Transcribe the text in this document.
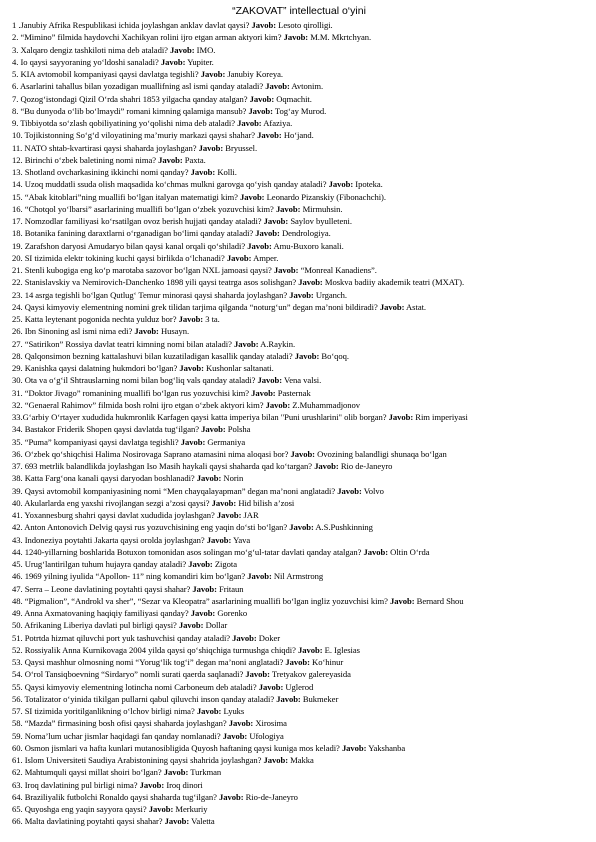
“ZAKOVAT” intellectual o‘yini
1 .Janubiy Afrika Respublikasi ichida joylashgan anklav davlat qaysi? Javob: Lesoto qirolligi.
2. “Mimino” filmida haydovchi Xachikyan rolini ijro etgan arman aktyori kim? Javob: M.M. Mkrtchyan.
3. Xalqaro dengiz tashkiloti nima deb ataladi? Javob: IMO.
4. Io qaysi sayyoraning yo‘ldoshi sanaladi? Javob: Yupiter.
5. KIA avtomobil kompaniyasi qaysi davlatga tegishli? Javob: Janubiy Koreya.
6. Asarlarini tahallus bilan yozadigan muallifning asl ismi qanday ataladi? Javob: Avtonim.
7. Qozog‘istondagi Qizil O‘rda shahri 1853 yilgacha qanday atalgan? Javob: Oqmachit.
8. “Bu dunyoda o‘lib bo‘lmaydi” romani kimning qalamiga mansub? Javob: Tog‘ay Murod.
9. Tibbiyotda so‘zlash qobiliyatining yo‘qolishi nima deb ataladi? Javob: Afaziya.
10. Tojikistonning So‘g‘d viloyatining ma’muriy markazi qaysi shahar? Javob: Ho‘jand.
11. NATO shtab-kvartirasi qaysi shaharda joylashgan? Javob: Bryussel.
12. Birinchi o‘zbek baletining nomi nima? Javob: Paxta.
13. Shotland ovcharkasining ikkinchi nomi qanday? Javob: Kolli.
14. Uzoq muddatli ssuda olish maqsadida ko‘chmas mulkni garovga qo‘yish qanday ataladi? Javob: Ipoteka.
15. “Abak kitoblari”ning muallifi bo‘lgan italyan matematigi kim? Javob: Leonardo Pizanskiy (Fibonachchi).
16. “Chotqol yo‘lbarsi” asarlarining muallifi bo‘lgan o‘zbek yozuvchisi kim? Javob: Mirmuhsin.
17. Nomzodlar familiyasi ko‘rsatilgan ovoz berish hujjati qanday ataladi? Javob: Saylov byulleteni.
18. Botanika fanining daraxtlarni o‘rganadigan bo‘limi qanday ataladi? Javob: Dendrologiya.
19. Zarafshon daryosi Amudaryo bilan qaysi kanal orqali qo‘shiladi? Javob: Amu-Buxoro kanali.
20. SI tizimida elektr tokining kuchi qaysi birlikda o‘lchanadi? Javob: Amper.
21. Stenli kubogiga eng ko‘p marotaba sazovor bo‘lgan NXL jamoasi qaysi? Javob: “Monreal Kanadiens”.
22. Stanislavskiy va Nemirovich-Danchenko 1898 yili qaysi teatrga asos solishgan? Javob: Moskva badiiy akademik teatri (MXAT).
23. 14 asrga tegishli bo‘lgan Qutlug‘ Temur minorasi qaysi shaharda joylashgan? Javob: Urganch.
24. Qaysi kimyoviy elementning nomini grek tilidan tarjima qilganda “noturg‘un” degan ma’noni bildiradi? Javob: Astat.
25. Katta leytenant pogonida nechta yulduz bor? Javob: 3 ta.
26. Ibn Sinoning asl ismi nima edi? Javob: Husayn.
27. “Satirikon” Rossiya davlat teatri kimning nomi bilan ataladi? Javob: A.Raykin.
28. Qalqonsimon bezning kattalashuvi bilan kuzatiladigan kasallik qanday ataladi? Javob: Bo‘qoq.
29. Kanishka qaysi dalatning hukmdori bo‘lgan? Javob: Kushonlar saltanati.
30. Ota va o‘g‘il Shtrauslarning nomi bilan bog‘liq vals qanday ataladi? Javob: Vena valsi.
31. “Doktor Jivago” romanining muallifi bo‘lgan rus yozuvchisi kim? Javob: Pasternak
32. “Genaeral Rahimov” filmida bosh rolni ijro etgan o‘zbek aktyori kim? Javob: Z.Muhammadjonov
33.G‘arbiy O‘rtayer xududida hukmronlik Karfagen qaysi katta imperiya bilan "Puni urushlarini" olib borgan? Javob: Rim imperiyasi
34. Bastakor Friderik Shopen qaysi davlatda tug‘ilgan? Javob: Polsha
35. “Puma” kompaniyasi qaysi davlatga tegishli? Javob: Germaniya
36. O‘zbek qo‘shiqchisi Halima Nosirovaga Saprano atamasini nima aloqasi bor? Javob: Ovozining balandligi shunaqa bo‘lgan
37. 693 metrlik balandlikda joylashgan Iso Masih haykali qaysi shaharda qad ko‘targan? Javob: Rio de-Janeyro
38. Katta Farg‘ona kanali qaysi daryodan boshlanadi? Javob: Norin
39. Qaysi avtomobil kompaniyasining nomi “Men chayqalayapman” degan ma’noni anglatadi? Javob: Volvo
40. Akularlarda eng yaxshi rivojlangan sezgi a’zosi qaysi? Javob: Hid bilish a’zosi
41. Yoxannesburg shahri qaysi davlat xududida joylashgan? Javob: JAR
42. Anton Antonovich Delvig qaysi rus yozuvchisining eng yaqin do‘sti bo‘lgan? Javob: A.S.Pushkinning
43. Indoneziya poytahti Jakarta qaysi orolda joylashgan? Javob: Yava
44. 1240-yillarning boshlarida Botuxon tomonidan asos solingan mo‘g‘ul-tatar davlati qanday atalgan? Javob: Oltin O‘rda
45. Urug‘lantirilgan tuhum hujayra qanday ataladi? Javob: Zigota
46. 1969 yilning iyulida “Apollon- 11” ning komandiri kim bo‘lgan? Javob: Nil Armstrong
47. Serra – Leone davlatining poytahti qaysi shahar? Javob: Fritaun
48. “Pigmalion”, “Androkl va sher”, “Sezar va Kleopatra” asarlarining muallifi bo‘lgan ingliz yozuvchisi kim? Javob: Bernard Shou
49. Anna Axmatovaning haqiqiy familiyasi qanday? Javob: Gorenko
50. Afrikaning Liberiya davlati pul birligi qaysi? Javob: Dollar
51. Potrtda hizmat qiluvchi port yuk tashuvchisi qanday ataladi? Javob: Doker
52. Rossiyalik Anna Kurnikovaga 2004 yilda qaysi qo‘shiqchiga turmushga chiqdi? Javob: E. Iglesias
53. Qaysi mashhur olmosning nomi “Yorug‘lik tog‘i” degan ma’noni anglatadi? Javob: Ko‘hinur
54. O‘rol Tansiqboevning “Sirdaryo” nomli surati qaerda saqlanadi? Javob: Tretyakov galereyasida
55. Qaysi kimyoviy elementning lotincha nomi Carboneum deb ataladi? Javob: Uglerod
56. Totalizator o‘yinida tikilgan pullarni qabul qiluvchi inson qanday ataladi? Javob: Bukmeker
57. SI tizimida yoritilganlikning o‘lchov birligi nima? Javob: Lyuks
58. “Mazda” firmasining bosh ofisi qaysi shaharda joylashgan? Javob: Xirosima
59. Noma’lum uchar jismlar haqidagi fan qanday nomlanadi? Javob: Ufologiya
60. Osmon jismlari va hafta kunlari mutanosibligida Quyosh haftaning qaysi kuniga mos keladi? Javob: Yakshanba
61. Islom Universiteti Saudiya Arabistonining qaysi shahrida joylashgan? Javob: Makka
62. Mahtumquli qaysi millat shoiri bo‘lgan? Javob: Turkman
63. Iroq davlatining pul birligi nima? Javob: Iroq dinori
64. Braziliyalik futbolchi Ronaldo qaysi shaharda tug‘ilgan? Javob: Rio-de-Janeyro
65. Quyoshga eng yaqin sayyora qaysi? Javob: Merkuriy
66. Malta davlatining poytahti qaysi shahar? Javob: Valetta
